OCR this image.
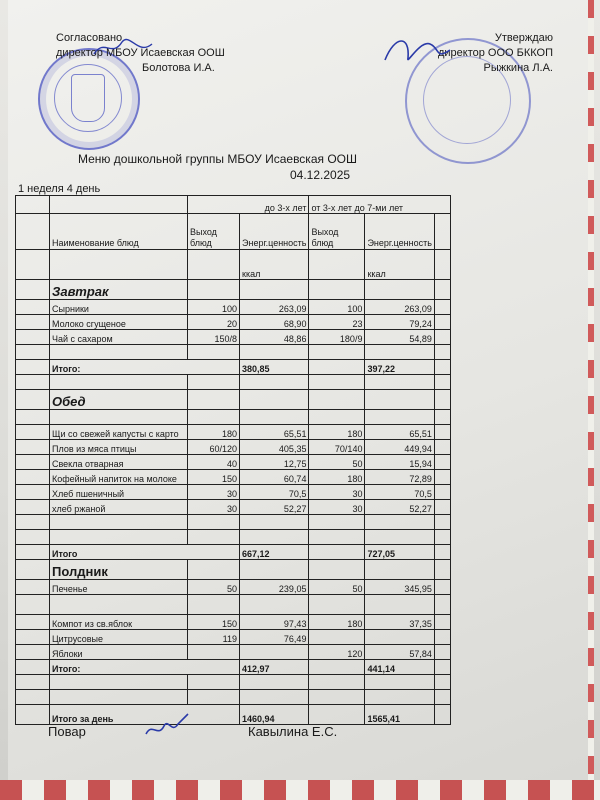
Согласовано
директор МБОУ Исаевская ООШ
Болотова И.А.
Утверждаю
директор ООО БККОП
Рыжкина Л.А.
Меню дошкольной группы МБОУ Исаевская ООШ
04.12.2025
1 неделя 4 день
		до 3-х лет		от 3-х лет до 7-ми лет		
	Наименование блюд	Выход блюд	Энерг.ценность	Выход блюд	Энерг.ценность	
			ккал		ккал	
	Завтрак					
	Сырники	100	263,09	100	263,09	
	Молоко сгущеное	20	68,90	23	79,24	
	Чай с сахаром	150/8	48,86	180/9	54,89	

	Итого:		380,85		397,22	

	Обед					

	Щи со свежей капусты с карто	180	65,51	180	65,51	
	Плов из мяса птицы	60/120	405,35	70/140	449,94	
	Свекла отварная	40	12,75	50	15,94	
	Кофейный напиток на молоке	150	60,74	180	72,89	
	Хлеб пшеничный	30	70,5	30	70,5	
	хлеб ржаной	30	52,27	30	52,27	

	Итого		667,12		727,05	
	Полдник					
	Печенье	50	239,05	50	345,95	

	Компот из св.яблок	150	97,43	180	37,35	
	Цитрусовые	119	76,49			
	Яблоки			120	57,84	
	Итого:		412,97		441,14	

	Итого за день		1460,94		1565,41	
Повар	Кавылина Е.С.
